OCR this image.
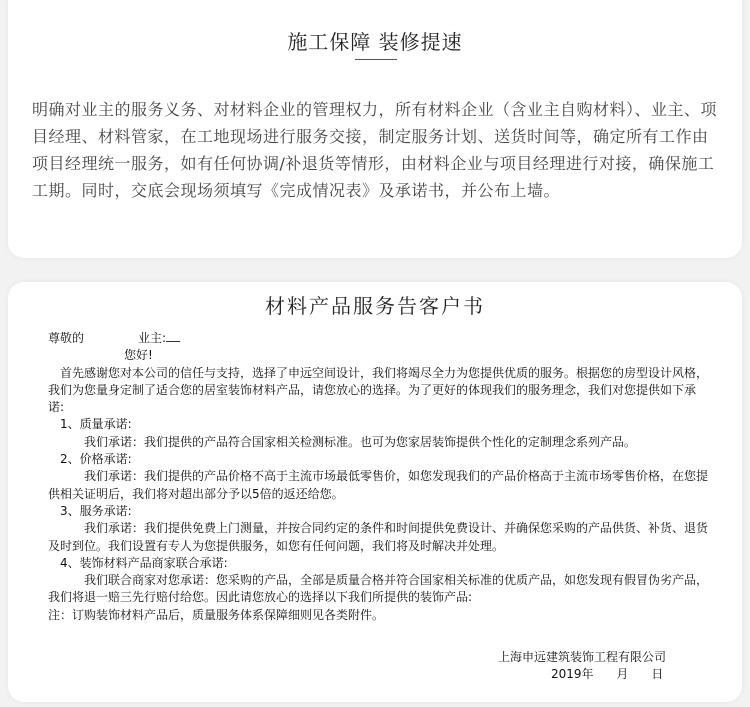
施工保障 装修提速
明确对业主的服务义务、对材料企业的管理权力，所有材料企业（含业主自购材料）、业主、项目经理、材料管家，在工地现场进行服务交接，制定服务计划、送货时间等，确定所有工作由项目经理统一服务，如有任何协调/补退货等情形，由材料企业与项目经理进行对接，确保施工工期。同时，交底会现场须填写《完成情况表》及承诺书，并公布上墙。
材料产品服务告客户书

尊敬的	业主:

您好!

首先感谢您对本公司的信任与支持，选择了申远空间设计，我们将竭尽全力为您提供优质的服务。根据您的房型设计风格，我们为您量身定制了适合您的居室装饰材料产品，请您放心的选择。为了更好的体现我们的服务理念，我们对您提供如下承诺:

1、质量承诺:

我们承诺：我们提供的产品符合国家相关检测标准。也可为您家居装饰提供个性化的定制理念系列产品。

2、价格承诺:

我们承诺：我们提供的产品价格不高于主流市场最低零售价，如您发现我们的产品价格高于主流市场零售价格，在您提供相关证明后，我们将对超出部分予以5倍的返还给您。

3、服务承诺:

我们承诺：我们提供免费上门测量，并按合同约定的条件和时间提供免费设计、并确保您采购的产品供货、补货、退货及时到位。我们设置有专人为您提供服务，如您有任何问题，我们将及时解决并处理。

4、装饰材料产品商家联合承诺:

我们联合商家对您承诺：您采购的产品，全部是质量合格并符合国家相关标准的优质产品，如您发现有假冒伪劣产品，我们将退一赔三先行赔付给您。因此请您放心的选择以下我们所提供的装饰产品:

注：订购装饰材料产品后，质量服务体系保障细则见各类附件。

上海申远建筑装饰工程有限公司
2019年      月      日
